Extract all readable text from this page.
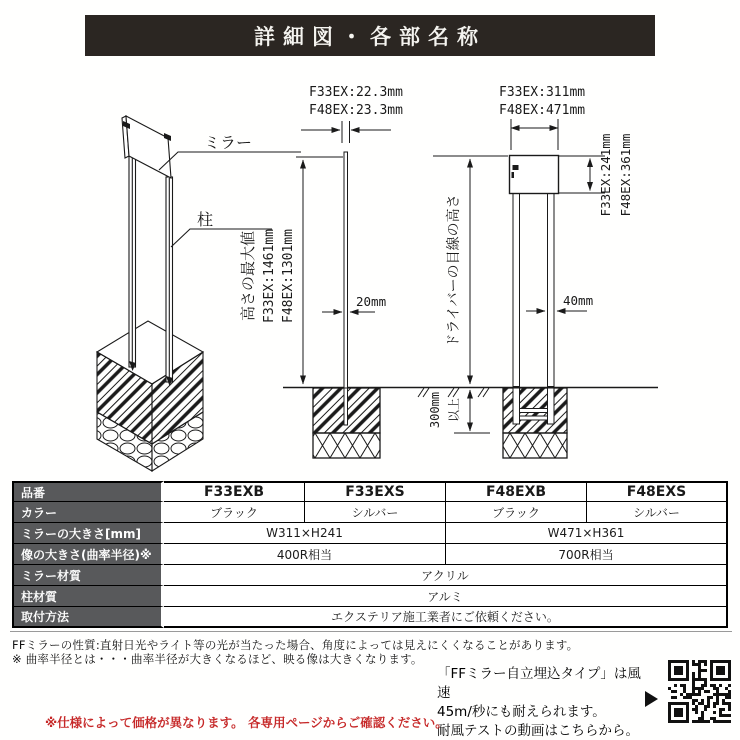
詳細図・各部名称
ミラー
柱
F33EX:22.3mm
F48EX:23.3mm
高さの最大値 F33EX:1461mm F48EX:1301mm	20mm
F33EX:311mm
F48EX:471mm
ドライバーの目線の高さ
F33EX:241mm F48EX:361mm
40mm
300mm 以上
品番	F33EXB	F33EXS	F48EXB	F48EXS
カラー	ブラック	シルバー	ブラック	シルバー
ミラーの大きさ[mm]	W311×H241		W471×H361	
像の大きさ(曲率半径)※	400R相当		700R相当	
ミラー材質	アクリル			
柱材質	アルミ			
取付方法	エクステリア施工業者にご依頼ください。			
FFミラーの性質:直射日光やライト等の光が当たった場合、角度によっては見えにくくなることがあります。
※ 曲率半径とは・・・曲率半径が大きくなるほど、映る像は大きくなります。
「FFミラー自立埋込タイプ」は風速
45m/秒にも耐えられます。
耐風テストの動画はこちらから。
※仕様によって価格が異なります。 各専用ページからご確認ください。
